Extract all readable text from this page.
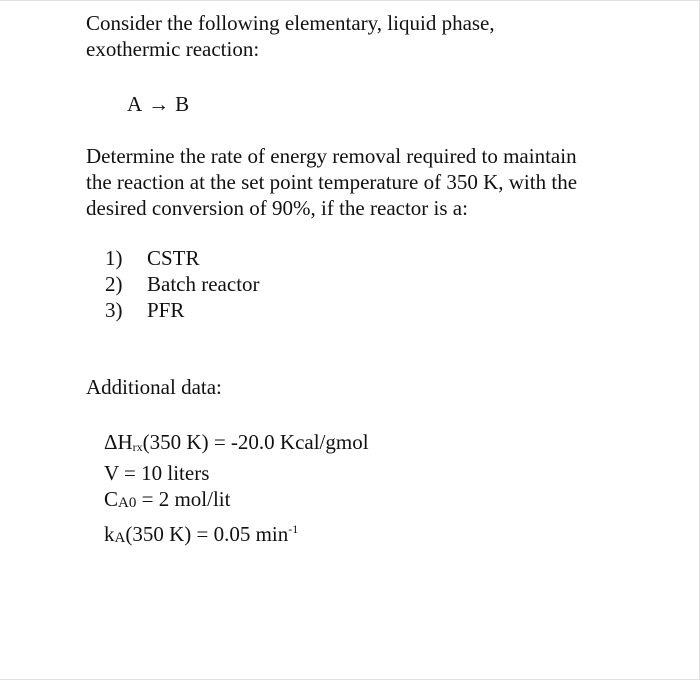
Consider the following elementary, liquid phase,
exothermic reaction:
A → B
Determine the rate of energy removal required to maintain
the reaction at the set point temperature of 350 K, with the
desired conversion of 90%, if the reactor is a:
1) CSTR
2) Batch reactor
3) PFR
Additional data:
ΔHrx(350 K) = -20.0 Kcal/gmol
V = 10 liters
CA0 = 2 mol/lit
kA(350 K) = 0.05 $\min^{-1}$
